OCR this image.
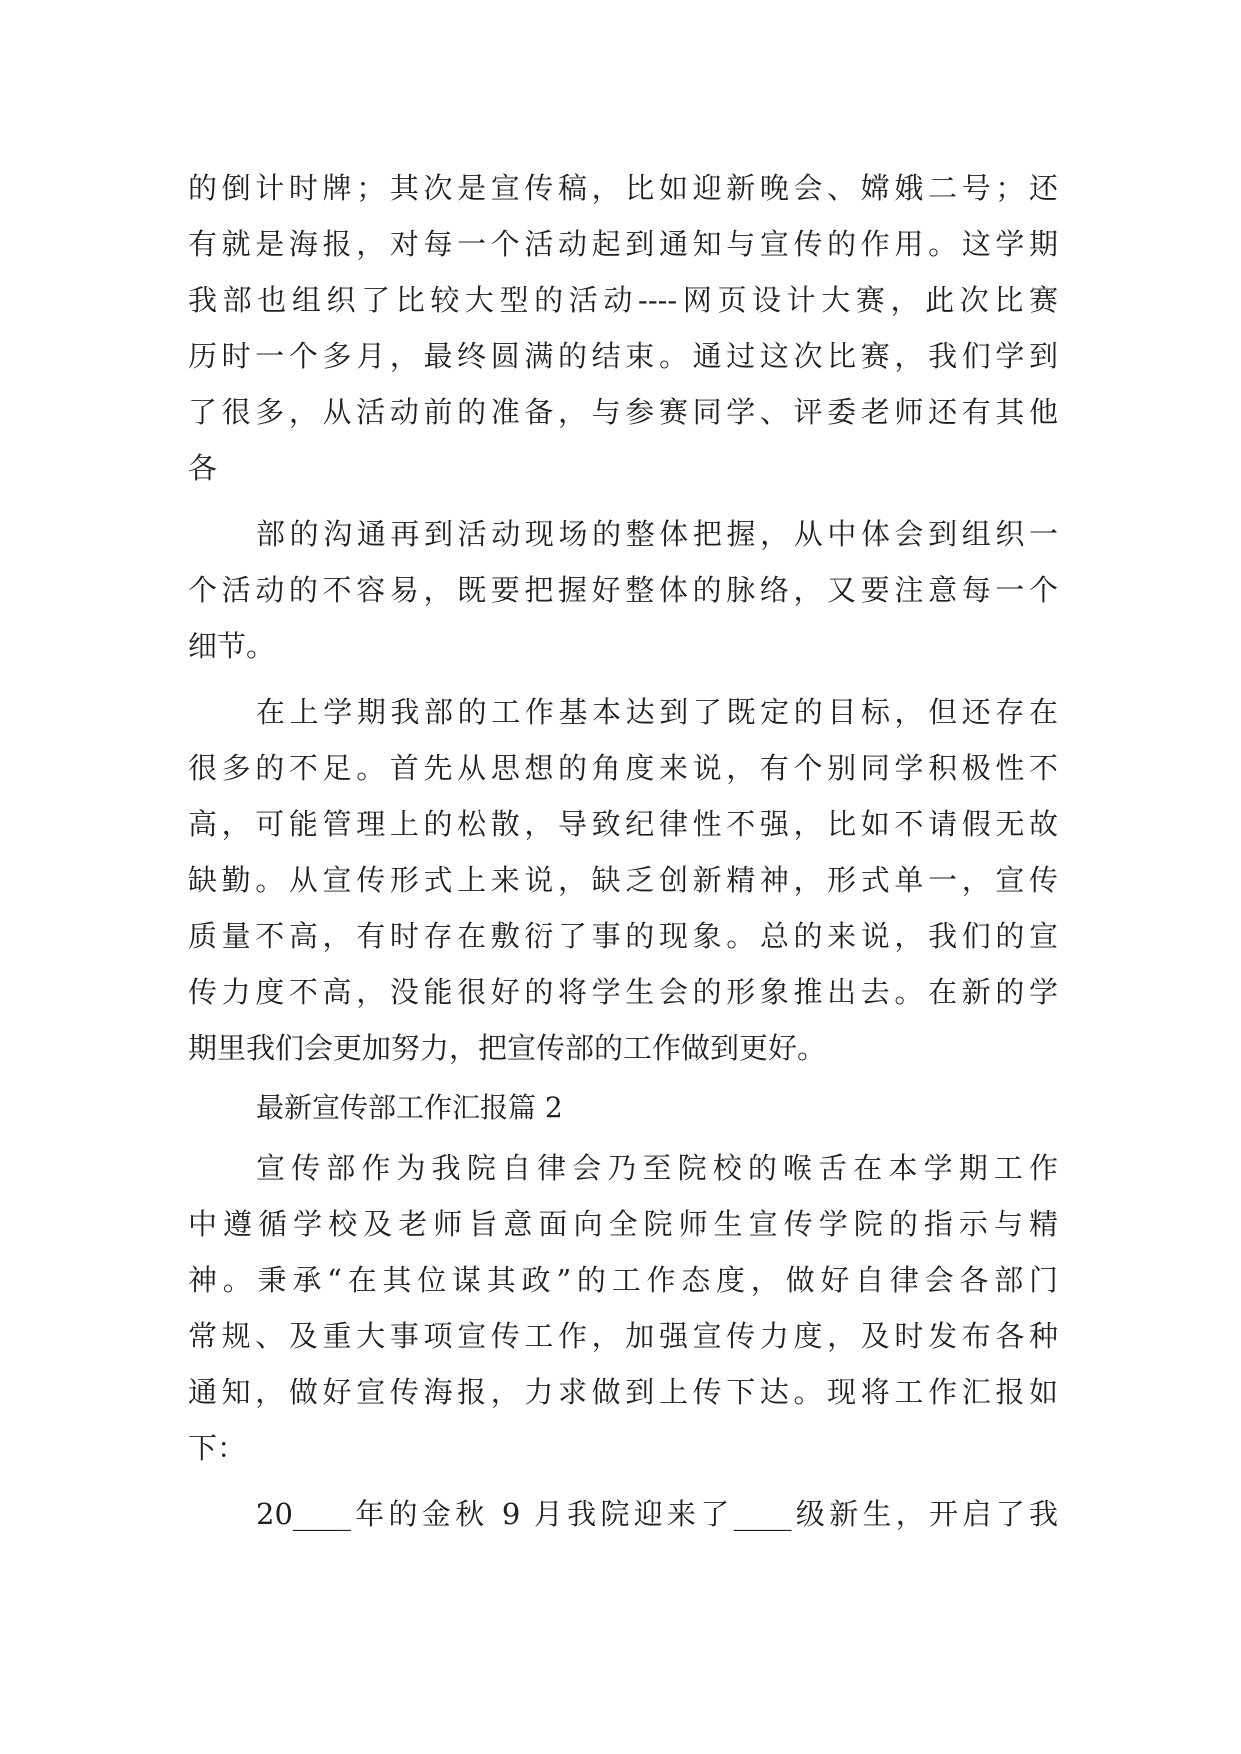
的倒计时牌；其次是宣传稿，比如迎新晚会、嫦娥二号；还
有就是海报，对每一个活动起到通知与宣传的作用。这学期
我部也组织了比较大型的活动----网页设计大赛，此次比赛
历时一个多月，最终圆满的结束。通过这次比赛，我们学到
了很多，从活动前的准备，与参赛同学、评委老师还有其他
各
部的沟通再到活动现场的整体把握，从中体会到组织一
个活动的不容易，既要把握好整体的脉络，又要注意每一个
细节。
在上学期我部的工作基本达到了既定的目标，但还存在
很多的不足。首先从思想的角度来说，有个别同学积极性不
高，可能管理上的松散，导致纪律性不强，比如不请假无故
缺勤。从宣传形式上来说，缺乏创新精神，形式单一，宣传
质量不高，有时存在敷衍了事的现象。总的来说，我们的宣
传力度不高，没能很好的将学生会的形象推出去。在新的学
期里我们会更加努力，把宣传部的工作做到更好。
最新宣传部工作汇报篇 2
宣传部作为我院自律会乃至院校的喉舌在本学期工作
中遵循学校及老师旨意面向全院师生宣传学院的指示与精
神。秉承“在其位谋其政”的工作态度，做好自律会各部门
常规、及重大事项宣传工作，加强宣传力度，及时发布各种
通知，做好宣传海报，力求做到上传下达。现将工作汇报如
下：
20____年的金秋 9 月我院迎来了____级新生，开启了我
